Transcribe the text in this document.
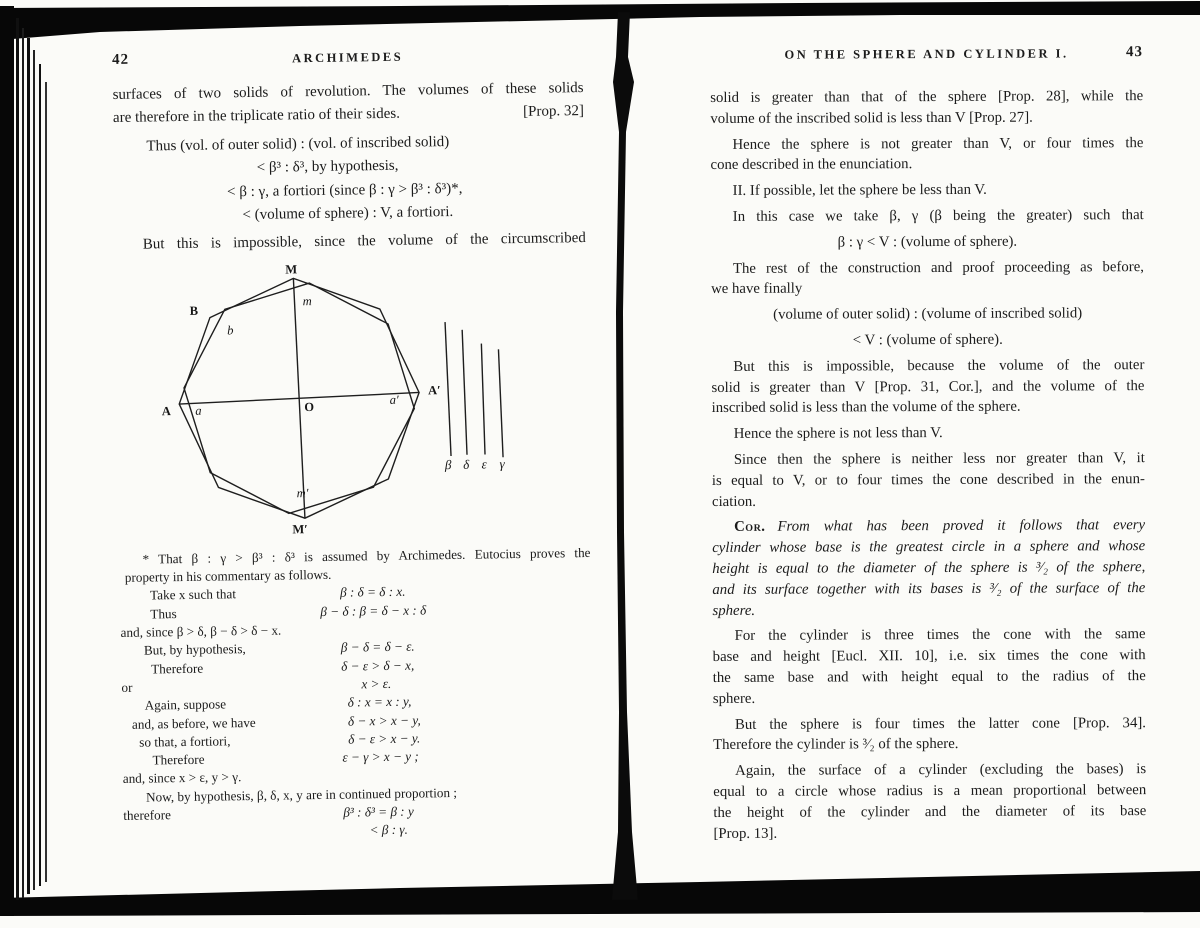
42	ARCHIMEDES
surfaces of two solids of revolution. The volumes of these solids
are therefore in the triplicate ratio of their sides.	[Prop. 32]
Thus (vol. of outer solid) : (vol. of inscribed solid)
< β³ : δ³, by hypothesis,
< β : γ, a fortiori (since β : γ > β³ : δ³)*,
< (volume of sphere) : V, a fortiori.
But this is impossible, since the volume of the circumscribed
M
m
B
b
A a	O
a′
A′
m′
M′
β δ ε γ
* That β : γ > β³ : δ³ is assumed by Archimedes. Eutocius proves the
property in his commentary as follows.
Take x such that	β : δ = δ : x.
Thus	β − δ : β = δ − x : δ
and, since β > δ, β − δ > δ − x.
But, by hypothesis,	β − δ = δ − ε.
Therefore	δ − ε > δ − x,
or	x > ε.
Again, suppose	δ : x = x : y,
and, as before, we have	δ − x > x − y,
so that, a fortiori,	δ − ε > x − y.
Therefore	ε − γ > x − y ;
and, since x > ε, y > γ.
Now, by hypothesis, β, δ, x, y are in continued proportion ;
therefore	β³ : δ³ = β : y
< β : γ.
ON THE SPHERE AND CYLINDER I.	43
solid is greater than that of the sphere [Prop. 28], while the
volume of the inscribed solid is less than V [Prop. 27].
Hence the sphere is not greater than V, or four times the
cone described in the enunciation.
II. If possible, let the sphere be less than V.
In this case we take β, γ (β being the greater) such that
β : γ < V : (volume of sphere).
The rest of the construction and proof proceeding as before,
we have finally
(volume of outer solid) : (volume of inscribed solid)
< V : (volume of sphere).
But this is impossible, because the volume of the outer
solid is greater than V [Prop. 31, Cor.], and the volume of the
inscribed solid is less than the volume of the sphere.
Hence the sphere is not less than V.
Since then the sphere is neither less nor greater than V, it
is equal to V, or to four times the cone described in the enun-
ciation.
Cor. From what has been proved it follows that every
cylinder whose base is the greatest circle in a sphere and whose
height is equal to the diameter of the sphere is ³⁄₂ of the sphere,
and its surface together with its bases is ³⁄₂ of the surface of the
sphere.
For the cylinder is three times the cone with the same
base and height [Eucl. XII. 10], i.e. six times the cone with
the same base and with height equal to the radius of the
sphere.
But the sphere is four times the latter cone [Prop. 34].
Therefore the cylinder is ³⁄₂ of the sphere.
Again, the surface of a cylinder (excluding the bases) is
equal to a circle whose radius is a mean proportional between
the height of the cylinder and the diameter of its base
[Prop. 13].
